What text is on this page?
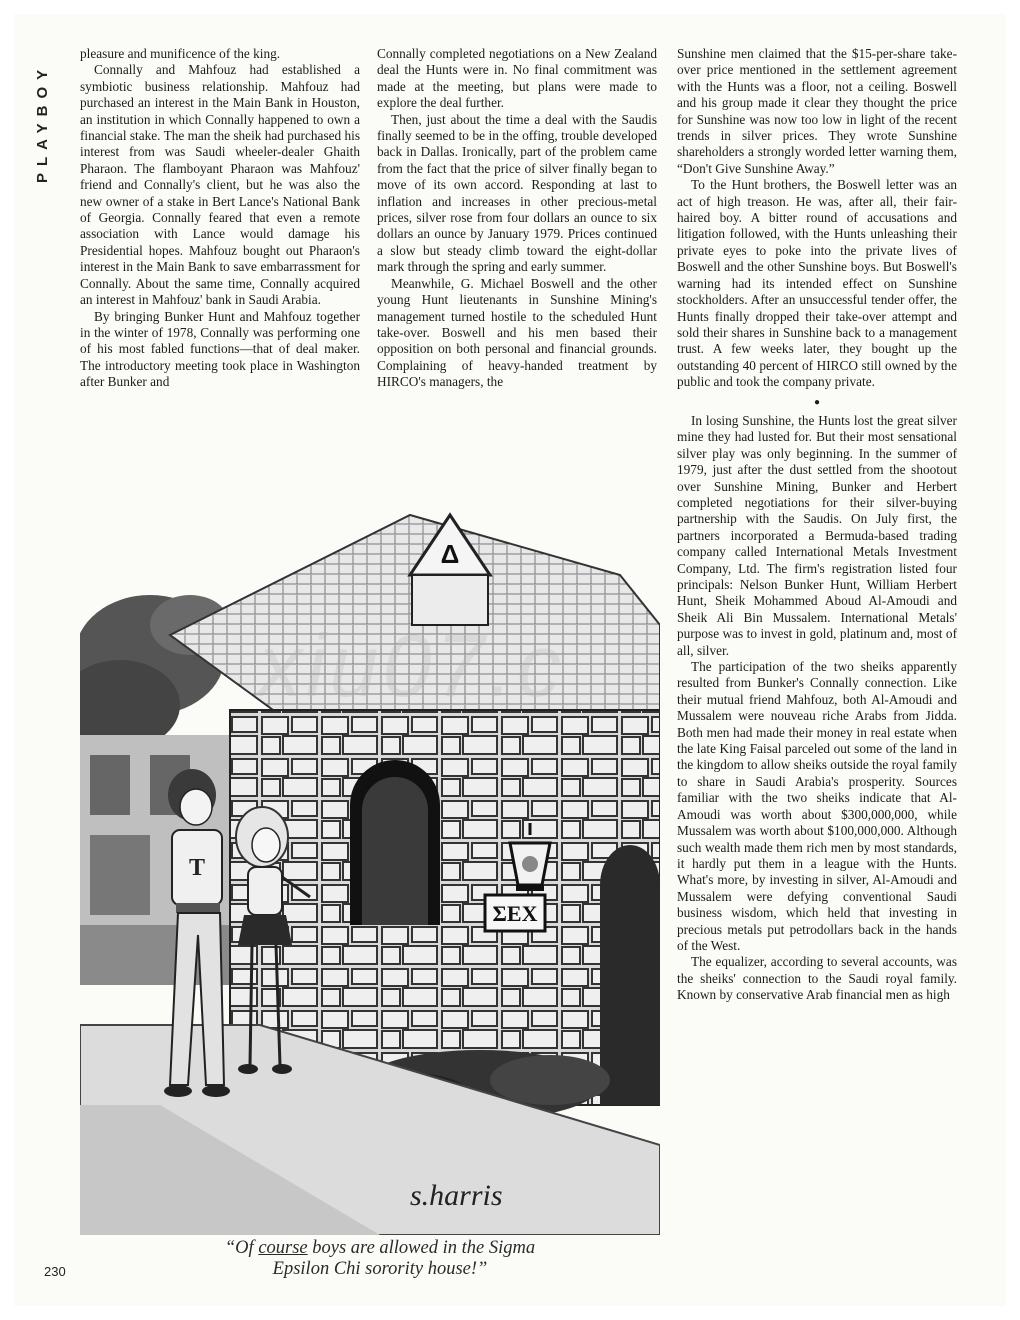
PLAYBOY

pleasure and munificence of the king.

Connally and Mahfouz had established a symbiotic business relationship. Mahfouz had purchased an interest in the Main Bank in Houston, an institution in which Connally happened to own a financial stake. The man the sheik had purchased his interest from was Saudi wheeler-dealer Ghaith Pharaon. The flamboyant Pharaon was Mahfouz' friend and Connally's client, but he was also the new owner of a stake in Bert Lance's National Bank of Georgia. Connally feared that even a remote association with Lance would damage his Presidential hopes. Mahfouz bought out Pharaon's interest in the Main Bank to save embarrassment for Connally. About the same time, Connally acquired an interest in Mahfouz' bank in Saudi Arabia.

By bringing Bunker Hunt and Mahfouz together in the winter of 1978, Connally was performing one of his most fabled functions—that of deal maker. The introductory meeting took place in Washington after Bunker and

Connally completed negotiations on a New Zealand deal the Hunts were in. No final commitment was made at the meeting, but plans were made to explore the deal further.

Then, just about the time a deal with the Saudis finally seemed to be in the offing, trouble developed back in Dallas. Ironically, part of the problem came from the fact that the price of silver finally began to move of its own accord. Responding at last to inflation and increases in other precious-metal prices, silver rose from four dollars an ounce to six dollars an ounce by January 1979. Prices continued a slow but steady climb toward the eight-dollar mark through the spring and early summer.

Meanwhile, G. Michael Boswell and the other young Hunt lieutenants in Sunshine Mining's management turned hostile to the scheduled Hunt take-over. Boswell and his men based their opposition on both personal and financial grounds. Complaining of heavy-handed treatment by HIRCO's managers, the

Sunshine men claimed that the $15-per-share take-over price mentioned in the settlement agreement with the Hunts was a floor, not a ceiling. Boswell and his group made it clear they thought the price for Sunshine was now too low in light of the recent trends in silver prices. They wrote Sunshine shareholders a strongly worded letter warning them, “Don't Give Sunshine Away.”

To the Hunt brothers, the Boswell letter was an act of high treason. He was, after all, their fair-haired boy. A bitter round of accusations and litigation followed, with the Hunts unleashing their private eyes to poke into the private lives of Boswell and the other Sunshine boys. But Boswell's warning had its intended effect on Sunshine stockholders. After an unsuccessful tender offer, the Hunts finally dropped their take-over attempt and sold their shares in Sunshine back to a management trust. A few weeks later, they bought up the outstanding 40 percent of HIRCO still owned by the public and took the company private.

●

In losing Sunshine, the Hunts lost the great silver mine they had lusted for. But their most sensational silver play was only beginning. In the summer of 1979, just after the dust settled from the shootout over Sunshine Mining, Bunker and Herbert completed negotiations for their silver-buying partnership with the Saudis. On July first, the partners incorporated a Bermuda-based trading company called International Metals Investment Company, Ltd. The firm's registration listed four principals: Nelson Bunker Hunt, William Herbert Hunt, Sheik Mohammed Aboud Al-Amoudi and Sheik Ali Bin Mussalem. International Metals' purpose was to invest in gold, platinum and, most of all, silver.

The participation of the two sheiks apparently resulted from Bunker's Connally connection. Like their mutual friend Mahfouz, both Al-Amoudi and Mussalem were nouveau riche Arabs from Jidda. Both men had made their money in real estate when the late King Faisal parceled out some of the land in the kingdom to allow sheiks outside the royal family to share in Saudi Arabia's prosperity. Sources familiar with the two sheiks indicate that Al-Amoudi was worth about $300,000,000, while Mussalem was worth about $100,000,000. Although such wealth made them rich men by most standards, it hardly put them in a league with the Hunts. What's more, by investing in silver, Al-Amoudi and Mussalem were defying conventional Saudi business wisdom, which held that investing in precious metals put petrodollars back in the hands of the West.

The equalizer, according to several accounts, was the sheiks' connection to the Saudi royal family. Known by conservative Arab financial men as high

Δ
ΣΕΧ
T
s.harris
xiu07.c
“Of course boys are allowed in the Sigma
Epsilon Chi sorority house!”
230
